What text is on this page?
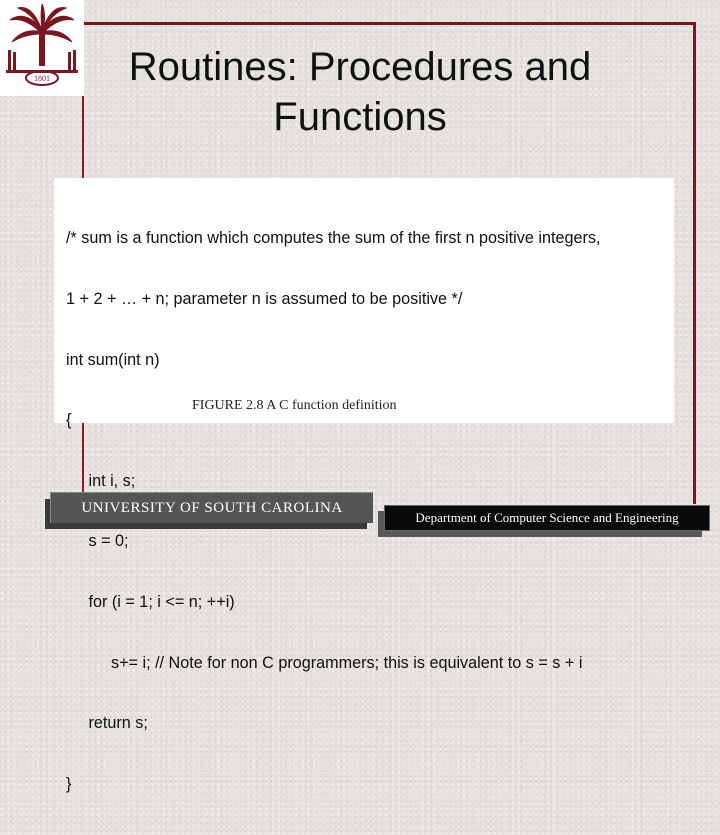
1801	Routines: Procedures and
Functions

/* sum is a function which computes the sum of the first n positive integers,

1 + 2 + … + n; parameter n is assumed to be positive */

int sum(int n)

{

int i, s;

s = 0;

for (i = 1; i <= n; ++i)

s+= i; // Note for non C programmers; this is equivalent to s = s + i

return s;

}

FIGURE 2.8 A C function definition
UNIVERSITY OF SOUTH CAROLINA
Department of Computer Science and Engineering
